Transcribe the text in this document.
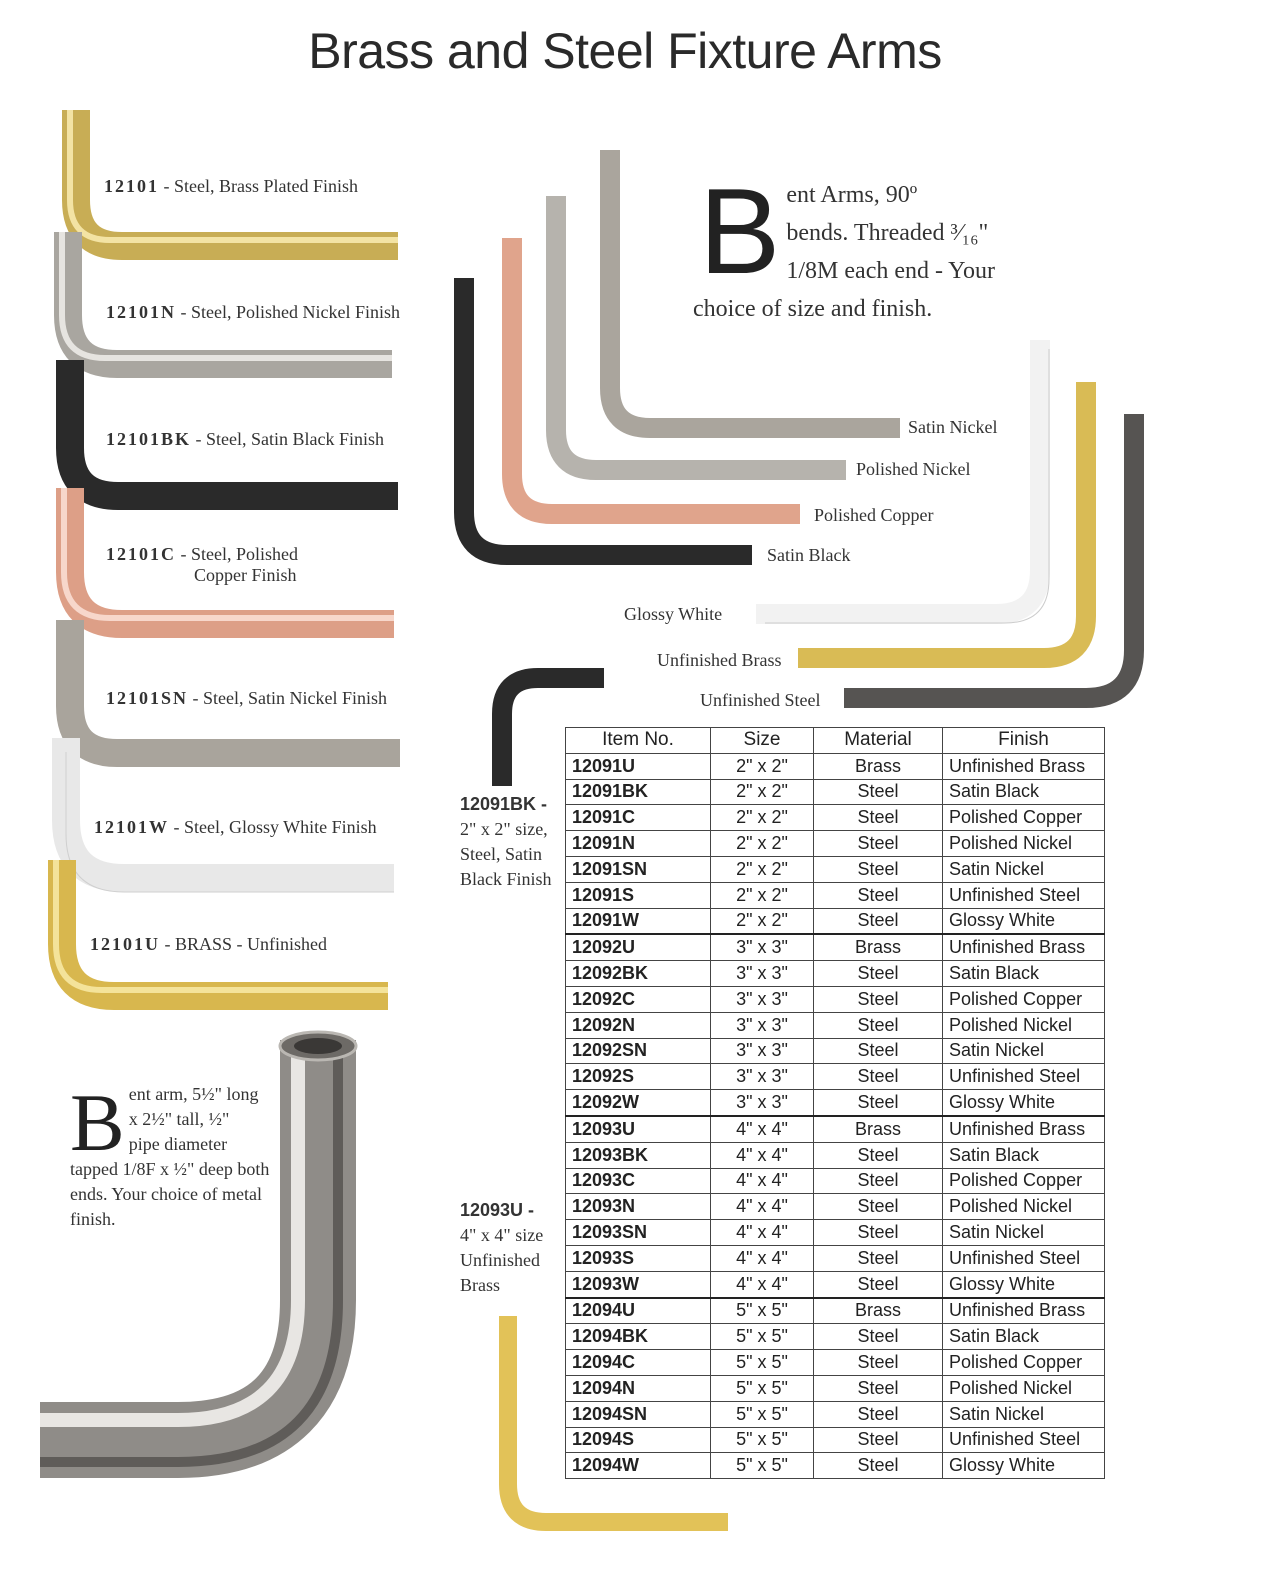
Brass and Steel Fixture Arms
12101 - Steel, Brass Plated Finish
12101N - Steel, Polished Nickel Finish
12101BK - Steel, Satin Black Finish
12101C - Steel, Polished
Copper Finish
12101SN - Steel, Satin Nickel Finish
12101W - Steel, Glossy White Finish
12101U - BRASS - Unfinished
B ent Arms, 90º
bends. Threaded ³⁄₁₆"
1/8M each end - Your
choice of size and finish.
Satin Nickel
Polished Nickel
Polished Copper
Satin Black
Glossy White
Unfinished Brass
Unfinished Steel
12091BK -
2" x 2" size,
Steel, Satin
Black Finish
12093U -
4" x 4" size
Unfinished
Brass
B ent arm, 5½" long
x 2½" tall, ½"
pipe diameter
tapped 1/8F x ½" deep both ends. Your choice of metal finish.
Item No.	Size	Material	Finish
12091U	2" x 2"	Brass	Unfinished Brass
12091BK	2" x 2"	Steel	Satin Black
12091C	2" x 2"	Steel	Polished Copper
12091N	2" x 2"	Steel	Polished Nickel
12091SN	2" x 2"	Steel	Satin Nickel
12091S	2" x 2"	Steel	Unfinished Steel
12091W	2" x 2"	Steel	Glossy White
12092U	3" x 3"	Brass	Unfinished Brass
12092BK	3" x 3"	Steel	Satin Black
12092C	3" x 3"	Steel	Polished Copper
12092N	3" x 3"	Steel	Polished Nickel
12092SN	3" x 3"	Steel	Satin Nickel
12092S	3" x 3"	Steel	Unfinished Steel
12092W	3" x 3"	Steel	Glossy White
12093U	4" x 4"	Brass	Unfinished Brass
12093BK	4" x 4"	Steel	Satin Black
12093C	4" x 4"	Steel	Polished Copper
12093N	4" x 4"	Steel	Polished Nickel
12093SN	4" x 4"	Steel	Satin Nickel
12093S	4" x 4"	Steel	Unfinished Steel
12093W	4" x 4"	Steel	Glossy White
12094U	5" x 5"	Brass	Unfinished Brass
12094BK	5" x 5"	Steel	Satin Black
12094C	5" x 5"	Steel	Polished Copper
12094N	5" x 5"	Steel	Polished Nickel
12094SN	5" x 5"	Steel	Satin Nickel
12094S	5" x 5"	Steel	Unfinished Steel
12094W	5" x 5"	Steel	Glossy White
